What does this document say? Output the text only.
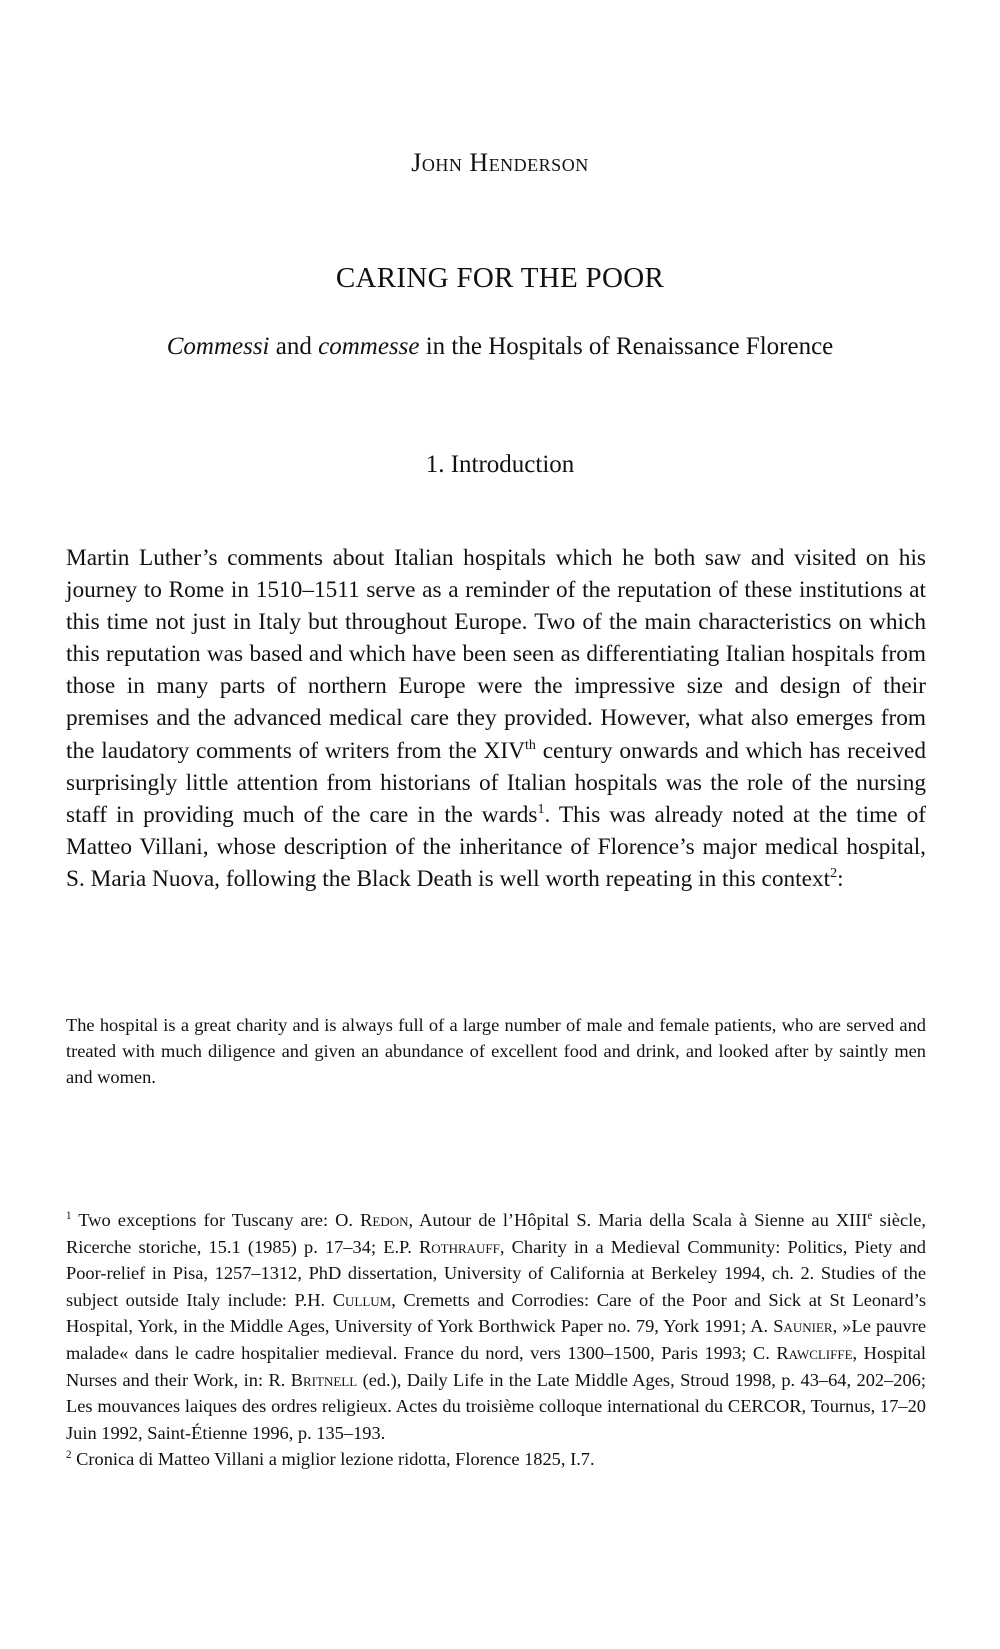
John Henderson
CARING FOR THE POOR
Commessi and commesse in the Hospitals of Renaissance Florence
1. Introduction

Martin Luther’s comments about Italian hospitals which he both saw and visited on his journey to Rome in 1510–1511 serve as a reminder of the reputation of these institutions at this time not just in Italy but throughout Europe. Two of the main characteristics on which this reputation was based and which have been seen as differentiating Italian hospitals from those in many parts of northern Europe were the impressive size and design of their premises and the advanced medical care they provided. However, what also emerges from the laudatory comments of writers from the XIVth century onwards and which has received surprisingly little attention from historians of Italian hospitals was the role of the nursing staff in providing much of the care in the wards$^1$. This was already noted at the time of Matteo Villani, whose description of the inheritance of Florence’s major medical hospital, S. Maria Nuova, following the Black Death is well worth repeating in this context$^2$:

The hospital is a great charity and is always full of a large number of male and female patients, who are served and treated with much diligence and given an abundance of excellent food and drink, and looked after by saintly men and women.

$^1$ Two exceptions for Tuscany are: O. Redon, Autour de l’Hôpital S. Maria della Scala à Sienne au XIIIe siècle, Ricerche storiche, 15.1 (1985) p. 17–34; E.P. Rothrauff, Charity in a Medieval Community: Politics, Piety and Poor-relief in Pisa, 1257–1312, PhD dissertation, University of California at Berkeley 1994, ch. 2. Studies of the subject outside Italy include: P.H. Cullum, Cremetts and Corrodies: Care of the Poor and Sick at St Leonard’s Hospital, York, in the Middle Ages, University of York Borthwick Paper no. 79, York 1991; A. Saunier, »Le pauvre malade« dans le cadre hospitalier medieval. France du nord, vers 1300–1500, Paris 1993; C. Rawcliffe, Hospital Nurses and their Work, in: R. Britnell (ed.), Daily Life in the Late Middle Ages, Stroud 1998, p. 43–64, 202–206; Les mouvances laiques des ordres religieux. Actes du troisième colloque international du CERCOR, Tournus, 17–20 Juin 1992, Saint-Étienne 1996, p. 135–193.

$^2$ Cronica di Matteo Villani a miglior lezione ridotta, Florence 1825, I.7.
